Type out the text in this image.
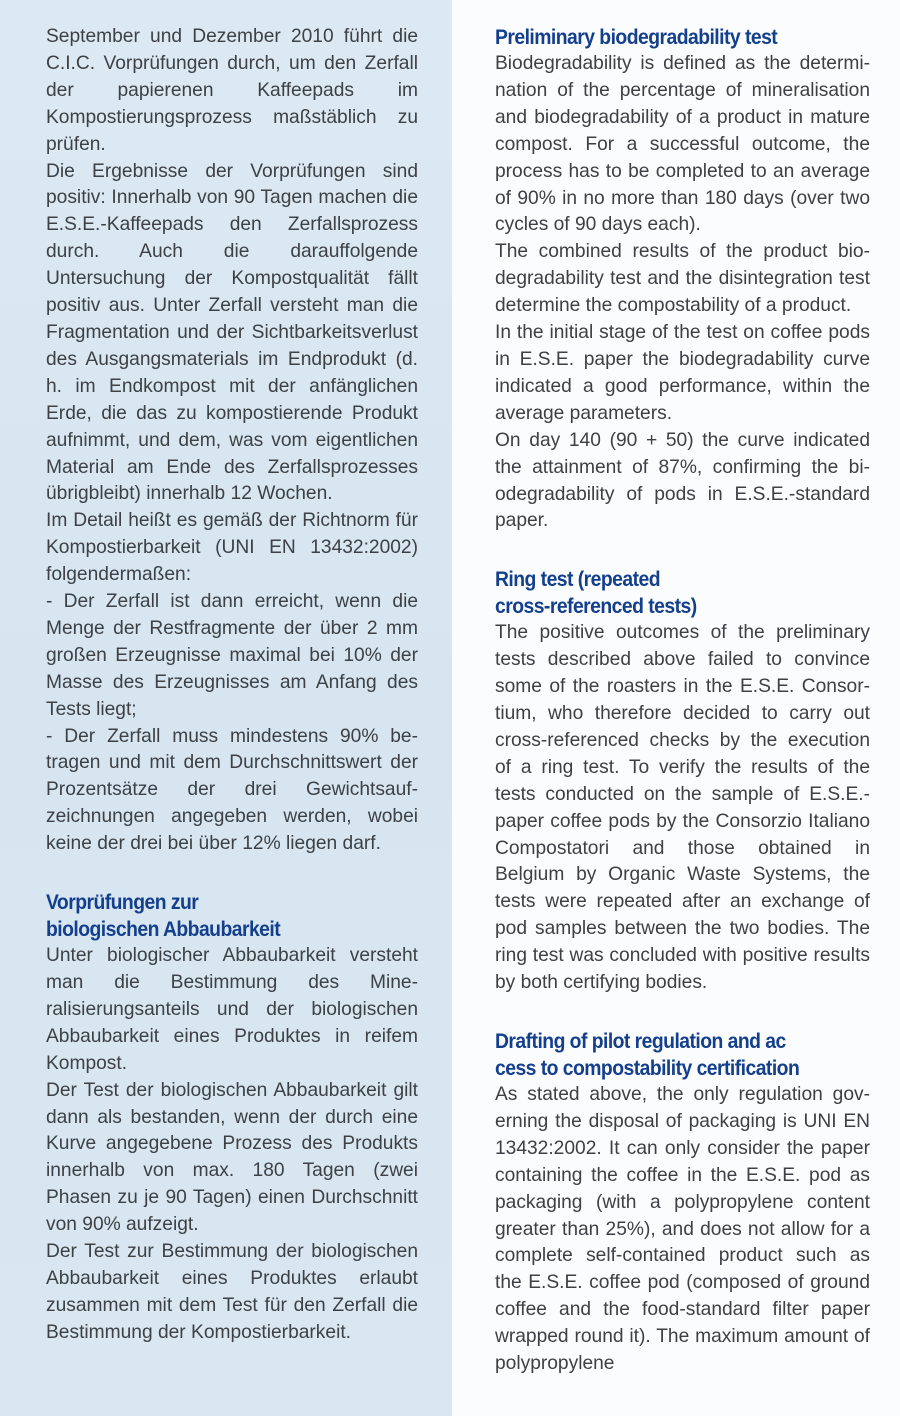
September und Dezember 2010 führt die C.I.C. Vorprüfungen durch, um den Zerfall der papierenen Kaffeepads im Kompostierungsprozess maßstäblich zu prüfen.

Die Ergebnisse der Vorprüfungen sind positiv: Innerhalb von 90 Tagen machen die E.S.E.-Kaffeepads den Zerfallsprozess durch. Auch die darauffolgende Untersuchung der Kompostqualität fällt positiv aus. Unter Zerfall versteht man die Fragmentation und der Sichtbarkeitsverlust des Ausgangsmaterials im Endprodukt (d. h. im Endkompost mit der anfänglichen Erde, die das zu kompostierende Produkt aufnimmt, und dem, was vom eigentlichen Material am Ende des Zerfallsprozesses übrigbleibt) innerhalb 12 Wochen.

Im Detail heißt es gemäß der Richtnorm für Kompostierbarkeit (UNI EN 13432:2002) folgendermaßen:

- Der Zerfall ist dann erreicht, wenn die Menge der Restfragmente der über 2 mm großen Erzeugnisse maximal bei 10% der Masse des Erzeugnisses am Anfang des Tests liegt;

- Der Zerfall muss mindestens 90% betragen und mit dem Durchschnittswert der Prozentsätze der drei Gewichtsaufzeichnungen angegeben werden, wobei keine der drei bei über 12% liegen darf.

Vorprüfungen zur
biologischen Abbaubarkeit

Unter biologischer Abbaubarkeit versteht man die Bestimmung des Mineralisierungsanteils und der biologischen Abbaubarkeit eines Produktes in reifem Kompost.

Der Test der biologischen Abbaubarkeit gilt dann als bestanden, wenn der durch eine Kurve angegebene Prozess des Produkts innerhalb von max. 180 Tagen (zwei Phasen zu je 90 Tagen) einen Durchschnitt von 90% aufzeigt.

Der Test zur Bestimmung der biologischen Abbaubarkeit eines Produktes erlaubt zusammen mit dem Test für den Zerfall die Bestimmung der Kompostierbarkeit.

Preliminary biodegradability test

Biodegradability is defined as the determination of the percentage of mineralisation and biodegradability of a product in mature compost. For a successful outcome, the process has to be completed to an average of 90% in no more than 180 days (over two cycles of 90 days each).

The combined results of the product biodegradability test and the disintegration test determine the compostability of a product.

In the initial stage of the test on coffee pods in E.S.E. paper the biodegradability curve indicated a good performance, within the average parameters.

On day 140 (90 + 50) the curve indicated the attainment of 87%, confirming the biodegradability of pods in E.S.E.-standard paper.

Ring test (repeated
cross-referenced tests)

The positive outcomes of the preliminary tests described above failed to convince some of the roasters in the E.S.E. Consortium, who therefore decided to carry out cross-referenced checks by the execution of a ring test. To verify the results of the tests conducted on the sample of E.S.E.-paper coffee pods by the Consorzio Italiano Compostatori and those obtained in Belgium by Organic Waste Systems, the tests were repeated after an exchange of pod samples between the two bodies. The ring test was concluded with positive results by both certifying bodies.

Drafting of pilot regulation and ac
cess to compostability certification

As stated above, the only regulation governing the disposal of packaging is UNI EN 13432:2002. It can only consider the paper containing the coffee in the E.S.E. pod as packaging (with a polypropylene content greater than 25%), and does not allow for a complete self-contained product such as the E.S.E. coffee pod (composed of ground coffee and the food-standard filter paper wrapped round it). The maximum amount of polypropylene
